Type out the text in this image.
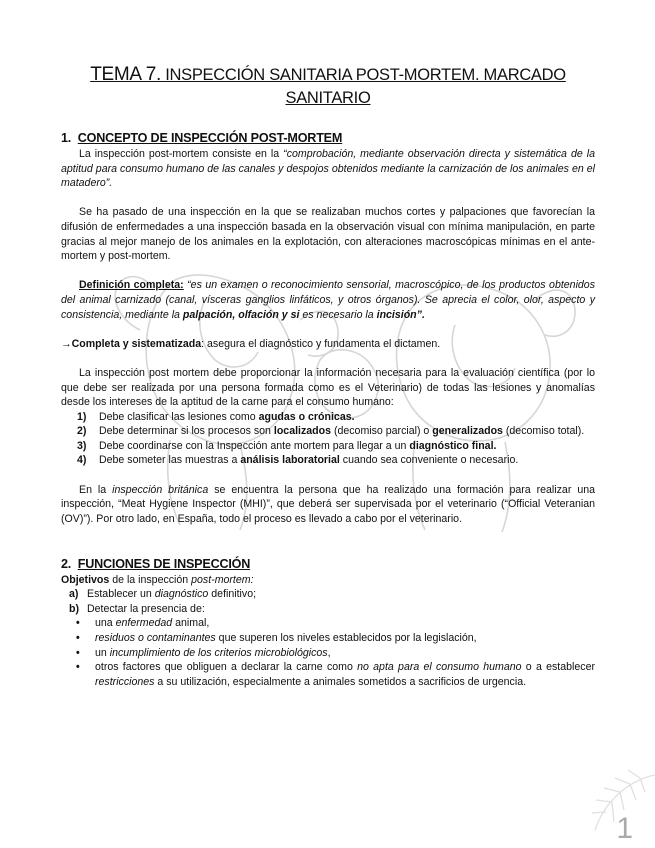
TEMA 7. INSPECCIÓN SANITARIA POST-MORTEM. MARCADO SANITARIO
1. CONCEPTO DE INSPECCIÓN POST-MORTEM

La inspección post-mortem consiste en la “comprobación, mediante observación directa y sistemática de la aptitud para consumo humano de las canales y despojos obtenidos mediante la carnización de los animales en el matadero”.

Se ha pasado de una inspección en la que se realizaban muchos cortes y palpaciones que favorecían la difusión de enfermedades a una inspección basada en la observación visual con mínima manipulación, en parte gracias al mejor manejo de los animales en la explotación, con alteraciones macroscópicas mínimas en el ante-mortem y post-mortem.

Definición completa: “es un examen o reconocimiento sensorial, macroscópico, de los productos obtenidos del animal carnizado (canal, vísceras ganglios linfáticos, y otros órganos). Se aprecia el color, olor, aspecto y consistencia, mediante la palpación, olfación y si es necesario la incisión”.

→Completa y sistematizada: asegura el diagnóstico y fundamenta el dictamen.

La inspección post mortem debe proporcionar la información necesaria para la evaluación científica (por lo que debe ser realizada por una persona formada como es el Veterinario) de todas las lesiones y anomalías desde los intereses de la aptitud de la carne para el consumo humano:

1) Debe clasificar las lesiones como agudas o crónicas.
2) Debe determinar si los procesos son localizados (decomiso parcial) o generalizados (decomiso total).
3) Debe coordinarse con la Inspección ante mortem para llegar a un diagnóstico final.
4) Debe someter las muestras a análisis laboratorial cuando sea conveniente o necesario.

En la inspección británica se encuentra la persona que ha realizado una formación para realizar una inspección, “Meat Hygiene Inspector (MHI)”, que deberá ser supervisada por el veterinario (“Official Veteranian (OV)”). Por otro lado, en España, todo el proceso es llevado a cabo por el veterinario.

2. FUNCIONES DE INSPECCIÓN

Objetivos de la inspección post-mortem:

a) Establecer un diagnóstico definitivo;
b) Detectar la presencia de:
• una enfermedad animal,
• residuos o contaminantes que superen los niveles establecidos por la legislación,
• un incumplimiento de los criterios microbiológicos,
• otros factores que obliguen a declarar la carne como no apta para el consumo humano o a establecer restricciones a su utilización, especialmente a animales sometidos a sacrificios de urgencia.
1
